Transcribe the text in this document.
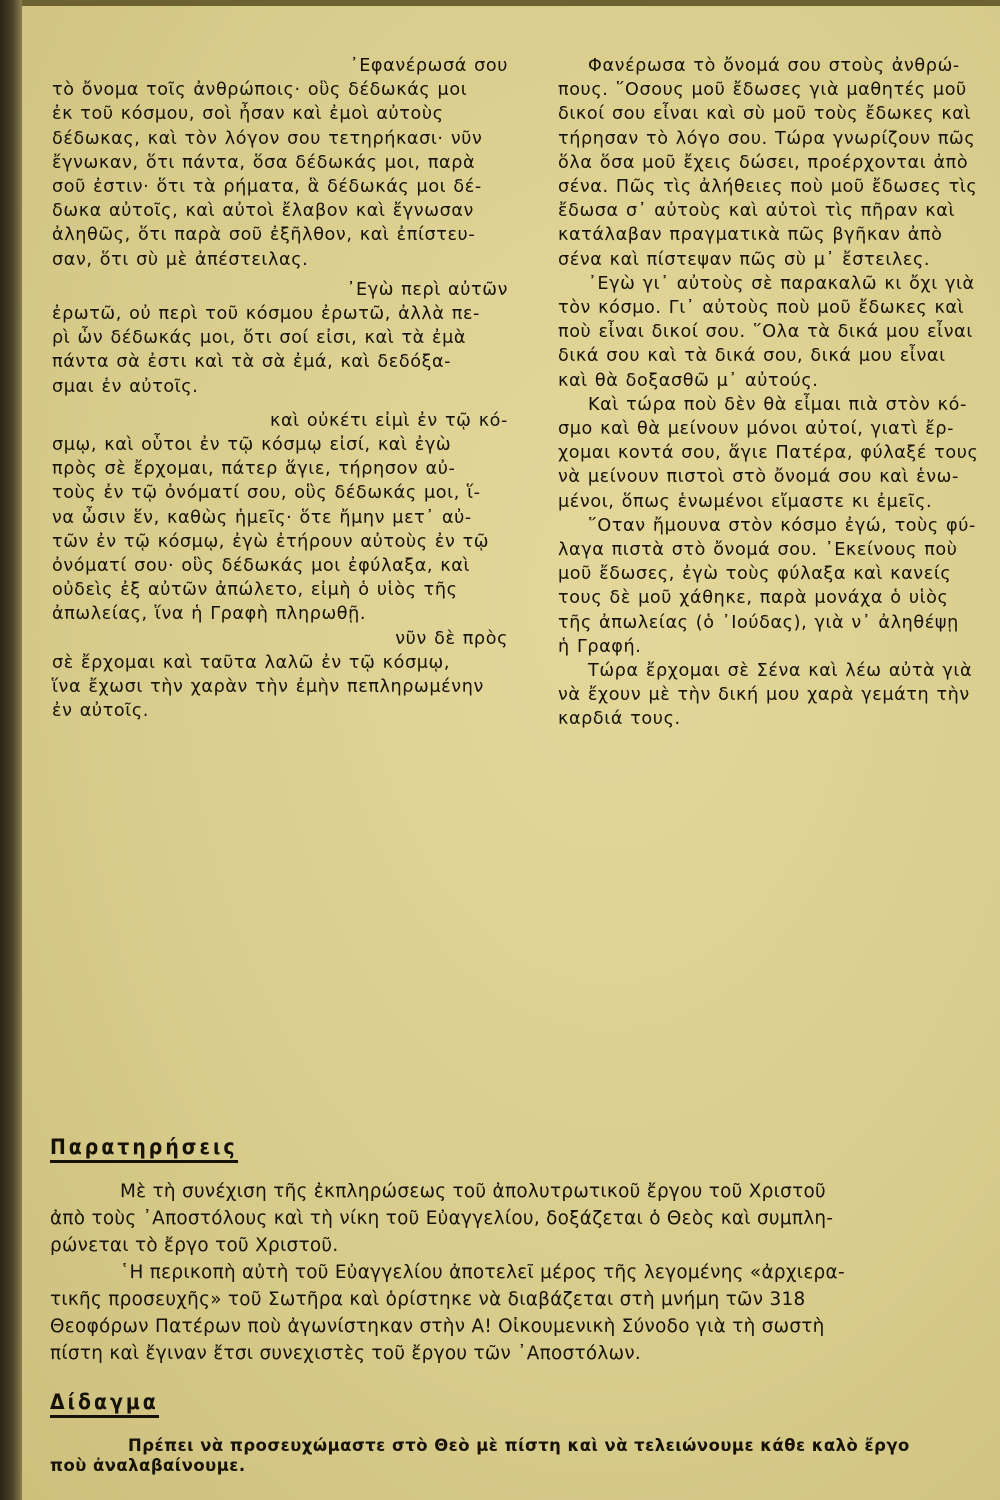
᾿Εφανέρωσά σου

τὸ ὄνομα τοῖς ἀνθρώποις· οὓς δέδωκάς μοι

ἐκ τοῦ κόσμου, σοὶ ἦσαν καὶ ἐμοὶ αὐτοὺς

δέδωκας, καὶ τὸν λόγον σου τετηρήκασι· νῦν

ἔγνωκαν, ὅτι πάντα, ὅσα δέδωκάς μοι, παρὰ

σοῦ ἐστιν· ὅτι τὰ ρήματα, ἃ δέδωκάς μοι δέ-

δωκα αὐτοῖς, καὶ αὐτοὶ ἔλαβον καὶ ἔγνωσαν

ἀληθῶς, ὅτι παρὰ σοῦ ἐξῆλθον, καὶ ἐπίστευ-

σαν, ὅτι σὺ μὲ ἀπέστειλας.

᾿Εγὼ περὶ αὐτῶν

ἐρωτῶ, οὐ περὶ τοῦ κόσμου ἐρωτῶ, ἀλλὰ πε-

ρὶ ὧν δέδωκάς μοι, ὅτι σοί εἰσι, καὶ τὰ ἐμὰ

πάντα σὰ ἐστι καὶ τὰ σὰ ἐμά, καὶ δεδόξα-

σμαι ἐν αὐτοῖς.

καὶ οὐκέτι εἰμὶ ἐν τῷ κό-

σμῳ, καὶ οὗτοι ἐν τῷ κόσμῳ εἰσί, καὶ ἐγὼ

πρὸς σὲ ἔρχομαι, πάτερ ἅγιε, τήρησον αὐ-

τοὺς ἐν τῷ ὀνόματί σου, οὓς δέδωκάς μοι, ἵ-

να ὦσιν ἕν, καθὼς ἡμεῖς· ὅτε ἤμην μετ᾿ αὐ-

τῶν ἐν τῷ κόσμῳ, ἐγὼ ἐτήρουν αὐτοὺς ἐν τῷ

ὀνόματί σου· οὓς δέδωκάς μοι ἐφύλαξα, καὶ

οὐδεὶς ἐξ αὐτῶν ἀπώλετο, εἰμὴ ὁ υἱὸς τῆς

ἀπωλείας, ἵνα ἡ Γραφὴ πληρωθῇ.

νῦν δὲ πρὸς

σὲ ἔρχομαι καὶ ταῦτα λαλῶ ἐν τῷ κόσμῳ,

ἵνα ἔχωσι τὴν χαρὰν τὴν ἐμὴν πεπληρωμένην

ἐν αὐτοῖς.

Φανέρωσα τὸ ὄνομά σου στοὺς ἀνθρώ-

πους. ῞Οσους μοῦ ἔδωσες γιὰ μαθητές μοῦ

δικοί σου εἶναι καὶ σὺ μοῦ τοὺς ἔδωκες καὶ

τήρησαν τὸ λόγο σου. Τώρα γνωρίζουν πῶς

ὅλα ὅσα μοῦ ἔχεις δώσει, προέρχονται ἀπὸ

σένα. Πῶς τὶς ἀλήθειες ποὺ μοῦ ἔδωσες τὶς

ἔδωσα σ᾿ αὐτοὺς καὶ αὐτοὶ τὶς πῆραν καὶ

κατάλαβαν πραγματικὰ πῶς βγῆκαν ἀπὸ

σένα καὶ πίστεψαν πῶς σὺ μ᾿ ἔστειλες.

᾿Εγὼ γι᾿ αὐτοὺς σὲ παρακαλῶ κι ὄχι γιὰ

τὸν κόσμο. Γι᾿ αὐτοὺς ποὺ μοῦ ἔδωκες καὶ

ποὺ εἶναι δικοί σου. ῞Ολα τὰ δικά μου εἶναι

δικά σου καὶ τὰ δικά σου, δικά μου εἶναι

καὶ θὰ δοξασθῶ μ᾿ αὐτούς.

Καὶ τώρα ποὺ δὲν θὰ εἶμαι πιὰ στὸν κό-

σμο καὶ θὰ μείνουν μόνοι αὐτοί, γιατὶ ἔρ-

χομαι κοντά σου, ἅγιε Πατέρα, φύλαξέ τους

νὰ μείνουν πιστοὶ στὸ ὄνομά σου καὶ ἑνω-

μένοι, ὅπως ἑνωμένοι εἴμαστε κι ἐμεῖς.

῞Οταν ἤμουνα στὸν κόσμο ἐγώ, τοὺς φύ-

λαγα πιστὰ στὸ ὄνομά σου. ᾿Εκείνους ποὺ

μοῦ ἔδωσες, ἐγὼ τοὺς φύλαξα καὶ κανείς

τους δὲ μοῦ χάθηκε, παρὰ μονάχα ὁ υἱὸς

τῆς ἀπωλείας (ὁ ᾿Ιούδας), γιὰ ν᾿ ἀληθέψῃ

ἡ Γραφή.

Τώρα ἔρχομαι σὲ Σένα καὶ λέω αὐτὰ γιὰ

νὰ ἔχουν μὲ τὴν δική μου χαρὰ γεμάτη τὴν

καρδιά τους.

Παρατηρήσεις

Μὲ τὴ συνέχιση τῆς ἐκπληρώσεως τοῦ ἀπολυτρωτικοῦ ἔργου τοῦ Χριστοῦ

ἀπὸ τοὺς ᾿Αποστόλους καὶ τὴ νίκη τοῦ Εὐαγγελίου, δοξάζεται ὁ Θεὸς καὶ συμπλη-

ρώνεται τὸ ἔργο τοῦ Χριστοῦ.

῾Η περικοπὴ αὐτὴ τοῦ Εὐαγγελίου ἀποτελεῖ μέρος τῆς λεγομένης «ἀρχιερα-

τικῆς προσευχῆς» τοῦ Σωτῆρα καὶ ὁρίστηκε νὰ διαβάζεται στὴ μνήμη τῶν 318

Θεοφόρων Πατέρων ποὺ ἀγωνίστηκαν στὴν Α! Οἰκουμενικὴ Σύνοδο γιὰ τὴ σωστὴ

πίστη καὶ ἔγιναν ἔτσι συνεχιστὲς τοῦ ἔργου τῶν ᾿Αποστόλων.

Δίδαγμα

Πρέπει νὰ προσευχώμαστε στὸ Θεὸ μὲ πίστη καὶ νὰ τελειώνουμε κάθε καλὸ ἔργο

ποὺ ἀναλαβαίνουμε.
